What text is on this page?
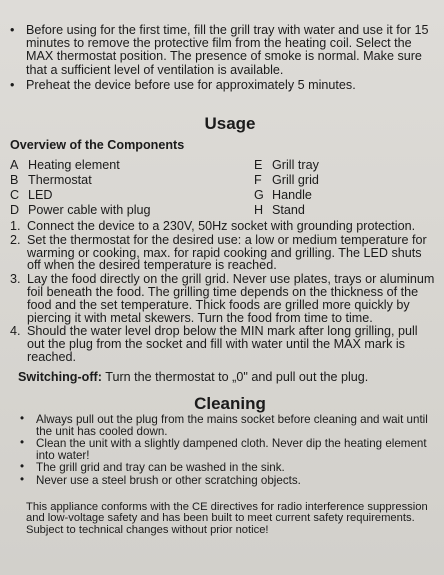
• Before using for the first time, fill the grill tray with water and use it for 15 minutes to remove the protective film from the heating coil. Select the MAX thermostat position. The presence of smoke is normal. Make sure that a sufficient level of ventilation is available.
• Preheat the device before use for approximately 5 minutes.
Usage
Overview of the Components
A Heating element
B Thermostat
C LED
D Power cable with plug
E Grill tray
F Grill grid
G Handle
H Stand
1. Connect the device to a 230V, 50Hz socket with grounding protection.
2. Set the thermostat for the desired use: a low or medium temperature for warming or cooking, max. for rapid cooking and grilling. The LED shuts off when the desired temperature is reached.
3. Lay the food directly on the grill grid. Never use plates, trays or aluminum foil beneath the food. The grilling time depends on the thickness of the food and the set temperature. Thick foods are grilled more quickly by piercing it with metal skewers. Turn the food from time to time.
4. Should the water level drop below the MIN mark after long grilling, pull out the plug from the socket and fill with water until the MAX mark is reached.
Switching-off: Turn the thermostat to „0" and pull out the plug.
Cleaning
• Always pull out the plug from the mains socket before cleaning and wait until the unit has cooled down.
• Clean the unit with a slightly dampened cloth. Never dip the heating element into water!
• The grill grid and tray can be washed in the sink.
• Never use a steel brush or other scratching objects.
This appliance conforms with the CE directives for radio interference suppression and low-voltage safety and has been built to meet current safety requirements. Subject to technical changes without prior notice!
